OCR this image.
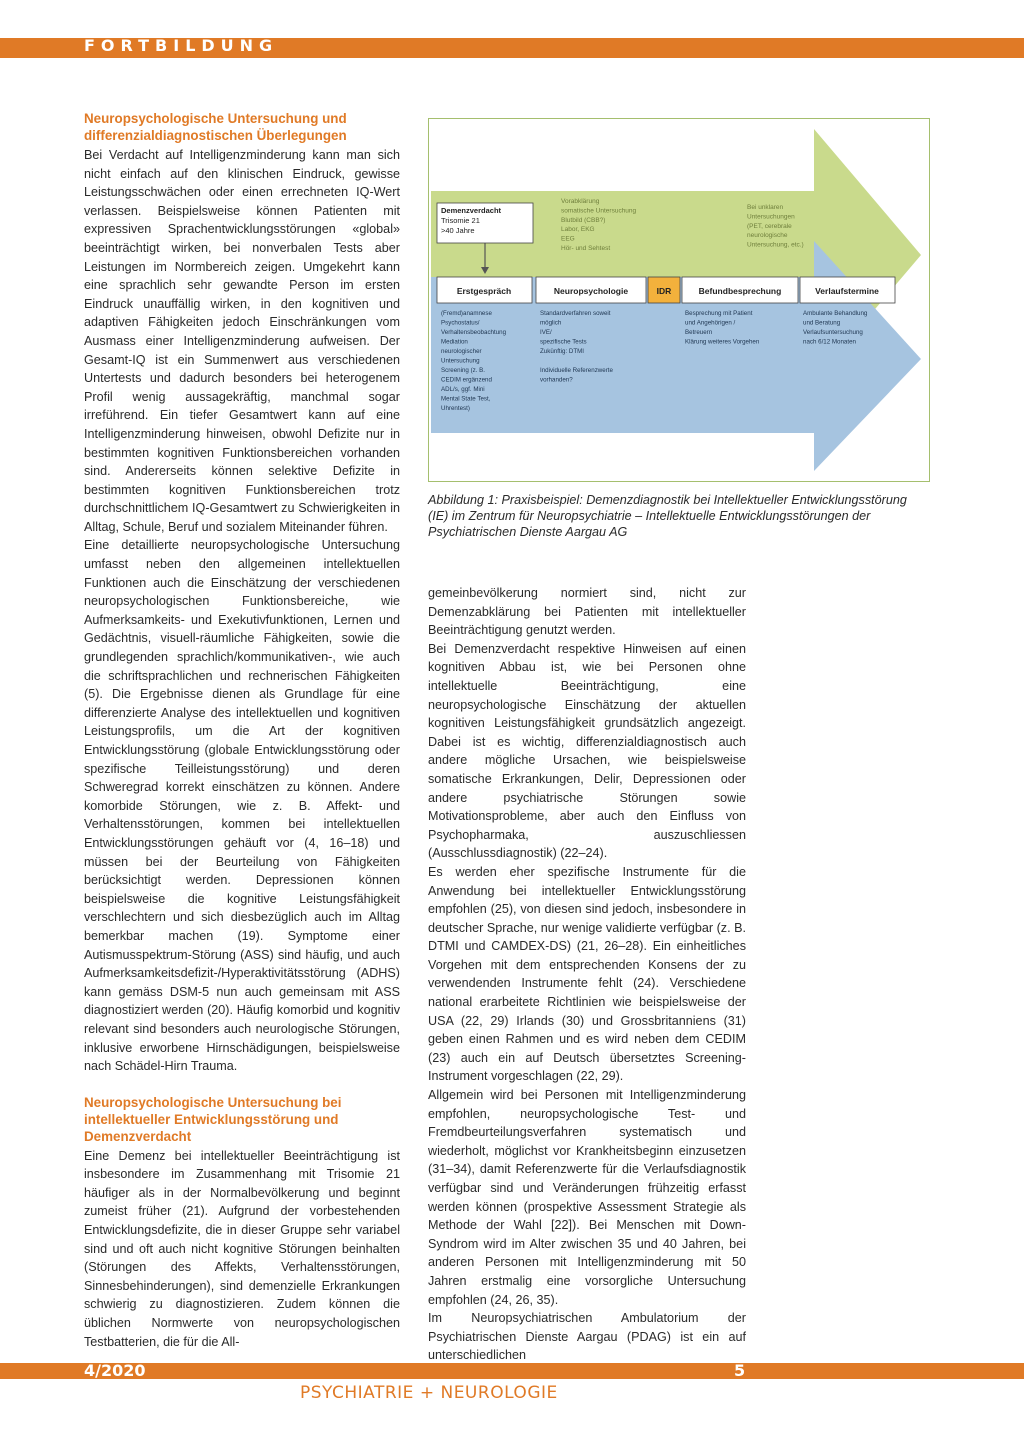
FORTBILDUNG
Neuropsychologische Untersuchung und differenzialdiagnostischen Überlegungen

Bei Verdacht auf Intelligenzminderung kann man sich nicht einfach auf den klinischen Eindruck, gewisse Leistungsschwächen oder einen errechneten IQ-Wert verlassen. Beispielsweise können Patienten mit expressiven Sprachentwicklungsstörungen «global» beeinträchtigt wirken, bei nonverbalen Tests aber Leistungen im Normbereich zeigen. Umgekehrt kann eine sprachlich sehr gewandte Person im ersten Eindruck unauffällig wirken, in den kognitiven und adaptiven Fähigkeiten jedoch Einschränkungen vom Ausmass einer Intelligenzminderung aufweisen. Der Gesamt-IQ ist ein Summenwert aus verschiedenen Untertests und dadurch besonders bei heterogenem Profil wenig aussagekräftig, manchmal sogar irreführend. Ein tiefer Gesamtwert kann auf eine Intelligenzminderung hinweisen, obwohl Defizite nur in bestimmten kognitiven Funktionsbereichen vorhanden sind. Andererseits können selektive Defizite in bestimmten kognitiven Funktionsbereichen trotz durchschnittlichem IQ-Gesamtwert zu Schwierigkeiten in Alltag, Schule, Beruf und sozialem Miteinander führen.

Eine detaillierte neuropsychologische Untersuchung umfasst neben den allgemeinen intellektuellen Funktionen auch die Einschätzung der verschiedenen neuropsychologischen Funktionsbereiche, wie Aufmerksamkeits- und Exekutivfunktionen, Lernen und Gedächtnis, visuell-räumliche Fähigkeiten, sowie die grundlegenden sprachlich/kommunikativen-, wie auch die schriftsprachlichen und rechnerischen Fähigkeiten (5). Die Ergebnisse dienen als Grundlage für eine differenzierte Analyse des intellektuellen und kognitiven Leistungsprofils, um die Art der kognitiven Entwicklungsstörung (globale Entwicklungsstörung oder spezifische Teilleistungsstörung) und deren Schweregrad korrekt einschätzen zu können. Andere komorbide Störungen, wie z. B. Affekt- und Verhaltensstörungen, kommen bei intellektuellen Entwicklungsstörungen gehäuft vor (4, 16–18) und müssen bei der Beurteilung von Fähigkeiten berücksichtigt werden. Depressionen können beispielsweise die kognitive Leistungsfähigkeit verschlechtern und sich diesbezüglich auch im Alltag bemerkbar machen (19). Symptome einer Autismusspektrum-Störung (ASS) sind häufig, und auch Aufmerksamkeitsdefizit-/Hyperaktivitätsstörung (ADHS) kann gemäss DSM-5 nun auch gemeinsam mit ASS diagnostiziert werden (20). Häufig komorbid und kognitiv relevant sind besonders auch neurologische Störungen, inklusive erworbene Hirnschädigungen, beispielsweise nach Schädel-Hirn Trauma.

Neuropsychologische Untersuchung bei intellektueller Entwicklungsstörung und Demenzverdacht

Eine Demenz bei intellektueller Beeinträchtigung ist insbesondere im Zusammenhang mit Trisomie 21 häufiger als in der Normalbevölkerung und beginnt zumeist früher (21). Aufgrund der vorbestehenden Entwicklungsdefizite, die in dieser Gruppe sehr variabel sind und oft auch nicht kognitive Störungen beinhalten (Störungen des Affekts, Verhaltensstörungen, Sinnesbehinderungen), sind demenzielle Erkrankungen schwierig zu diagnostizieren. Zudem können die üblichen Normwerte von neuropsychologischen Testbatterien, die für die All-

Demenzverdacht Trisomie 21 >40 Jahre
Vorabklärung somatische Untersuchung Blutbild (CBB?) Labor, EKG EEG Hör- und Sehtest
Bei unklaren Untersuchungen (PET, cerebrale neurologische Untersuchung, etc.)
Erstgespräch	Neuropsychologie	IDR	Befundbesprechung	Verlaufstermine
(Fremd)anamnese Psychostatus/ Verhaltensbeobachtung Mediation neurologischer Untersuchung Screening (z. B. CEDIM ergänzend ADL/s, ggf. Mini Mental State Test, Uhrentest)
Standardverfahren soweit möglich IVE/ spezifische Tests Zukünftig: DTMI Individuelle Referenzwerte vorhanden?
Besprechung mit Patient und Angehörigen / Betreuern Klärung weiteres Vorgehen
Ambulante Behandlung und Beratung Verlaufsuntersuchung nach 6/12 Monaten
Abbildung 1: Praxisbeispiel: Demenzdiagnostik bei Intellektueller Entwicklungsstörung (IE) im Zentrum für Neuropsychiatrie – Intellektuelle Entwicklungsstörungen der Psychiatrischen Dienste Aargau AG

gemeinbevölkerung normiert sind, nicht zur Demenzabklärung bei Patienten mit intellektueller Beeinträchtigung genutzt werden.

Bei Demenzverdacht respektive Hinweisen auf einen kognitiven Abbau ist, wie bei Personen ohne intellektuelle Beeinträchtigung, eine neuropsychologische Einschätzung der aktuellen kognitiven Leistungsfähigkeit grundsätzlich angezeigt. Dabei ist es wichtig, differenzialdiagnostisch auch andere mögliche Ursachen, wie beispielsweise somatische Erkrankungen, Delir, Depressionen oder andere psychiatrische Störungen sowie Motivationsprobleme, aber auch den Einfluss von Psychopharmaka, auszuschliessen (Ausschlussdiagnostik) (22–24).

Es werden eher spezifische Instrumente für die Anwendung bei intellektueller Entwicklungsstörung empfohlen (25), von diesen sind jedoch, insbesondere in deutscher Sprache, nur wenige validierte verfügbar (z. B. DTMI und CAMDEX-DS) (21, 26–28). Ein einheitliches Vorgehen mit dem entsprechenden Konsens der zu verwendenden Instrumente fehlt (24). Verschiedene national erarbeitete Richtlinien wie beispielsweise der USA (22, 29) Irlands (30) und Grossbritanniens (31) geben einen Rahmen und es wird neben dem CEDIM (23) auch ein auf Deutsch übersetztes Screening-Instrument vorgeschlagen (22, 29).

Allgemein wird bei Personen mit Intelligenzminderung empfohlen, neuropsychologische Test- und Fremdbeurteilungsverfahren systematisch und wiederholt, möglichst vor Krankheitsbeginn einzusetzen (31–34), damit Referenzwerte für die Verlaufsdiagnostik verfügbar sind und Veränderungen frühzeitig erfasst werden können (prospektive Assessment Strategie als Methode der Wahl [22]). Bei Menschen mit Down-Syndrom wird im Alter zwischen 35 und 40 Jahren, bei anderen Personen mit Intelligenzminderung mit 50 Jahren erstmalig eine vorsorgliche Untersuchung empfohlen (24, 26, 35).

Im Neuropsychiatrischen Ambulatorium der Psychiatrischen Dienste Aargau (PDAG) ist ein auf unterschiedlichen

4/2020	5
PSYCHIATRIE + NEUROLOGIE
